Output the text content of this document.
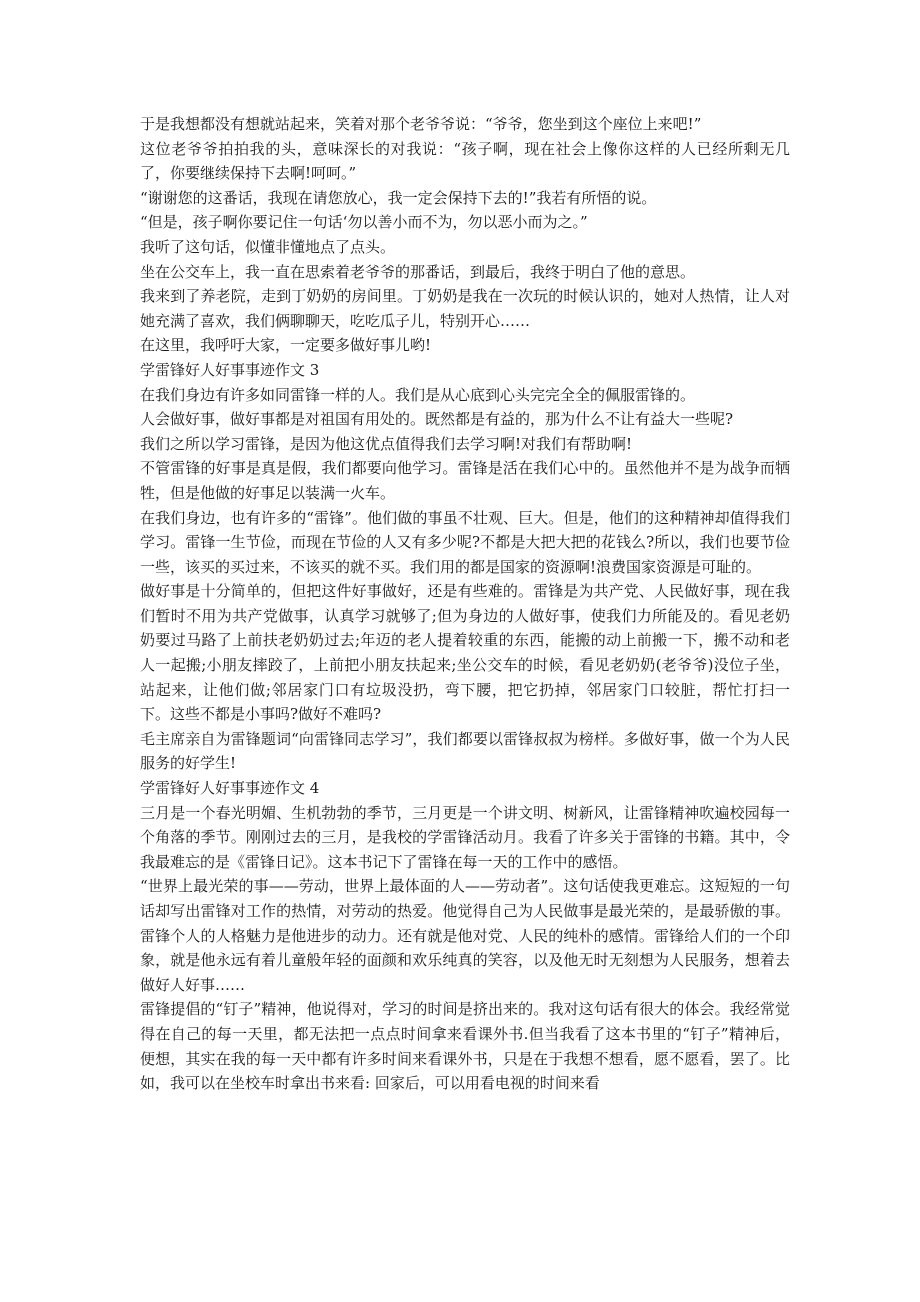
于是我想都没有想就站起来，笑着对那个老爷爷说：“爷爷，您坐到这个座位上来吧!”

这位老爷爷拍拍我的头，意味深长的对我说：“孩子啊，现在社会上像你这样的人已经所剩无几了，你要继续保持下去啊!呵呵。”

“谢谢您的这番话，我现在请您放心，我一定会保持下去的!”我若有所悟的说。

“但是，孩子啊你要记住一句话‘勿以善小而不为，勿以恶小而为之。”

我听了这句话，似懂非懂地点了点头。

坐在公交车上，我一直在思索着老爷爷的那番话，到最后，我终于明白了他的意思。

我来到了养老院，走到丁奶奶的房间里。丁奶奶是我在一次玩的时候认识的，她对人热情，让人对她充满了喜欢，我们俩聊聊天，吃吃瓜子儿，特别开心……

在这里，我呼吁大家，一定要多做好事儿哟!

学雷锋好人好事事迹作文 3

在我们身边有许多如同雷锋一样的人。我们是从心底到心头完完全全的佩服雷锋的。

人会做好事，做好事都是对祖国有用处的。既然都是有益的，那为什么不让有益大一些呢?

我们之所以学习雷锋，是因为他这优点值得我们去学习啊!对我们有帮助啊!

不管雷锋的好事是真是假，我们都要向他学习。雷锋是活在我们心中的。虽然他并不是为战争而牺牲，但是他做的好事足以装满一火车。

在我们身边，也有许多的“雷锋”。他们做的事虽不壮观、巨大。但是，他们的这种精神却值得我们学习。雷锋一生节俭，而现在节俭的人又有多少呢?不都是大把大把的花钱么?所以，我们也要节俭一些，该买的买过来，不该买的就不买。我们用的都是国家的资源啊!浪费国家资源是可耻的。

做好事是十分简单的，但把这件好事做好，还是有些难的。雷锋是为共产党、人民做好事，现在我们暂时不用为共产党做事，认真学习就够了;但为身边的人做好事，使我们力所能及的。看见老奶奶要过马路了上前扶老奶奶过去;年迈的老人提着较重的东西，能搬的动上前搬一下，搬不动和老人一起搬;小朋友摔跤了，上前把小朋友扶起来;坐公交车的时候，看见老奶奶(老爷爷)没位子坐，站起来，让他们做;邻居家门口有垃圾没扔，弯下腰，把它扔掉，邻居家门口较脏，帮忙打扫一下。这些不都是小事吗?做好不难吗?

毛主席亲自为雷锋题词“向雷锋同志学习”，我们都要以雷锋叔叔为榜样。多做好事，做一个为人民服务的好学生!

学雷锋好人好事事迹作文 4

三月是一个春光明媚、生机勃勃的季节，三月更是一个讲文明、树新风，让雷锋精神吹遍校园每一个角落的季节。刚刚过去的三月，是我校的学雷锋活动月。我看了许多关于雷锋的书籍。其中，令我最难忘的是《雷锋日记》。这本书记下了雷锋在每一天的工作中的感悟。

“世界上最光荣的事——劳动，世界上最体面的人——劳动者”。这句话使我更难忘。这短短的一句话却写出雷锋对工作的热情，对劳动的热爱。他觉得自己为人民做事是最光荣的，是最骄傲的事。雷锋个人的人格魅力是他进步的动力。还有就是他对党、人民的纯朴的感情。雷锋给人们的一个印象，就是他永远有着儿童般年轻的面颜和欢乐纯真的笑容，以及他无时无刻想为人民服务，想着去做好人好事……

雷锋提倡的“钉子”精神，他说得对，学习的时间是挤出来的。我对这句话有很大的体会。我经常觉得在自己的每一天里，都无法把一点点时间拿来看课外书.但当我看了这本书里的“钉子”精神后，便想，其实在我的每一天中都有许多时间来看课外书，只是在于我想不想看，愿不愿看，罢了。比如，我可以在坐校车时拿出书来看: 回家后，可以用看电视的时间来看
